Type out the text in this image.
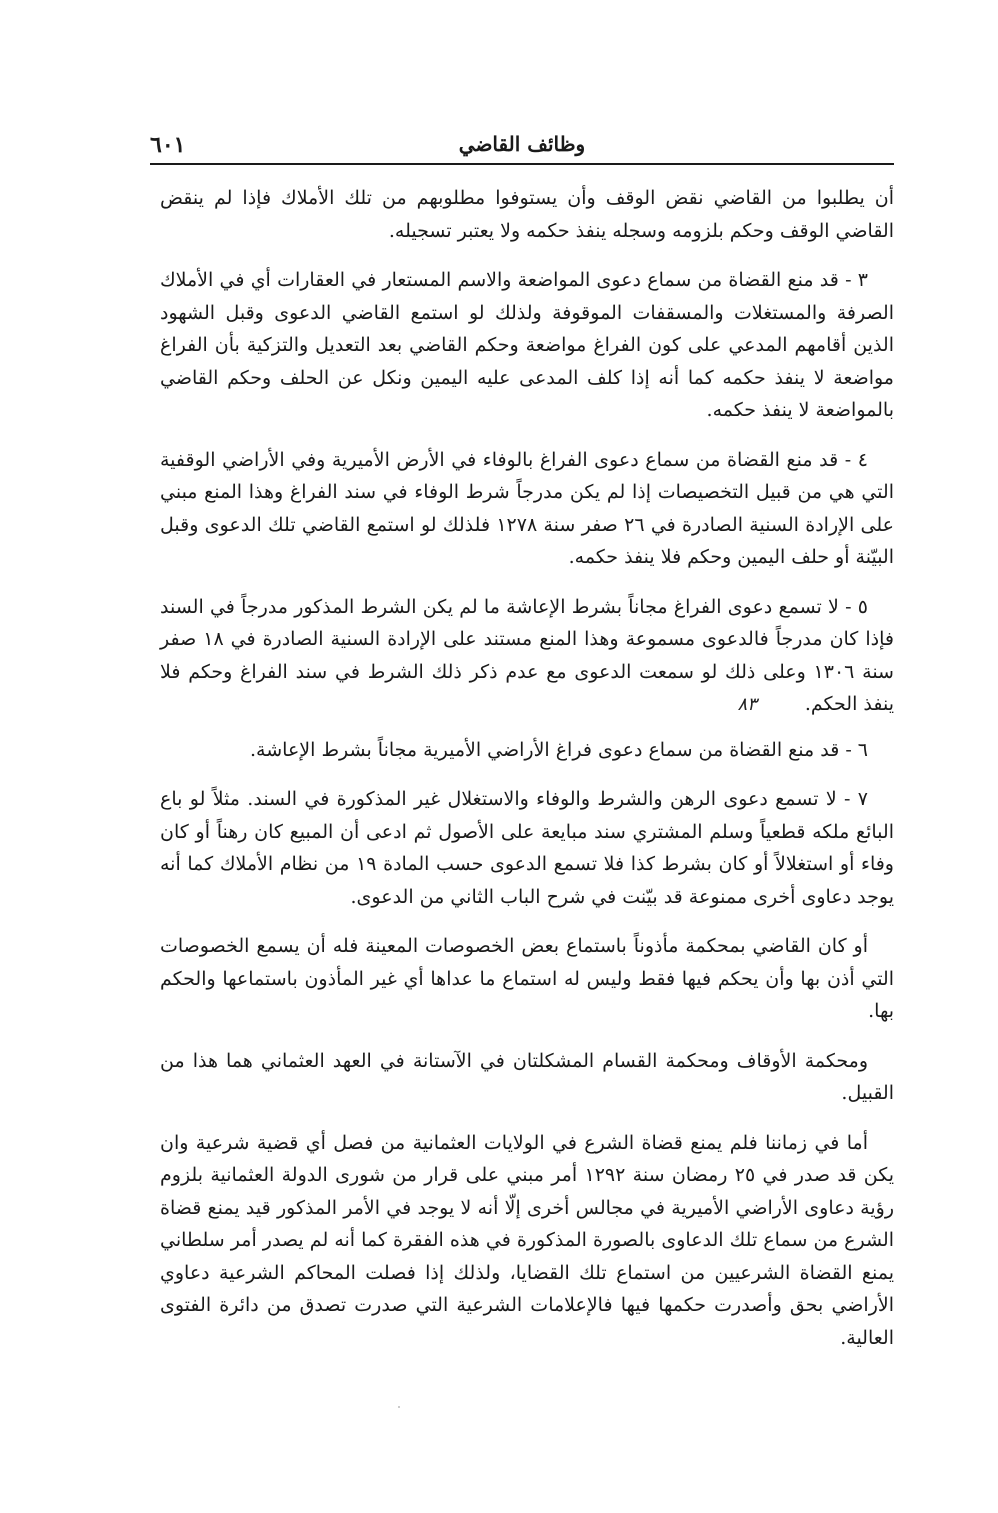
٦٠١	وظائف القاضي

أن يطلبوا من القاضي نقض الوقف وأن يستوفوا مطلوبهم من تلك الأملاك فإذا لم ينقض القاضي الوقف وحكم بلزومه وسجله ينفذ حكمه ولا يعتبر تسجيله.

٣ - قد منع القضاة من سماع دعوى المواضعة والاسم المستعار في العقارات أي في الأملاك الصرفة والمستغلات والمسقفات الموقوفة ولذلك لو استمع القاضي الدعوى وقبل الشهود الذين أقامهم المدعي على كون الفراغ مواضعة وحكم القاضي بعد التعديل والتزكية بأن الفراغ مواضعة لا ينفذ حكمه كما أنه إذا كلف المدعى عليه اليمين ونكل عن الحلف وحكم القاضي بالمواضعة لا ينفذ حكمه.

٤ - قد منع القضاة من سماع دعوى الفراغ بالوفاء في الأرض الأميرية وفي الأراضي الوقفية التي هي من قبيل التخصيصات إذا لم يكن مدرجاً شرط الوفاء في سند الفراغ وهذا المنع مبني على الإرادة السنية الصادرة في ٢٦ صفر سنة ١٢٧٨ فلذلك لو استمع القاضي تلك الدعوى وقبل البيّنة أو حلف اليمين وحكم فلا ينفذ حكمه.

٥ - لا تسمع دعوى الفراغ مجاناً بشرط الإعاشة ما لم يكن الشرط المذكور مدرجاً في السند فإذا كان مدرجاً فالدعوى مسموعة وهذا المنع مستند على الإرادة السنية الصادرة في ١٨ صفر سنة ١٣٠٦ وعلى ذلك لو سمعت الدعوى مع عدم ذكر ذلك الشرط في سند الفراغ وحكم فلا ينفذ الحكم.٨٣

٦ - قد منع القضاة من سماع دعوى فراغ الأراضي الأميرية مجاناً بشرط الإعاشة.

٧ - لا تسمع دعوى الرهن والشرط والوفاء والاستغلال غير المذكورة في السند. مثلاً لو باع البائع ملكه قطعياً وسلم المشتري سند مبايعة على الأصول ثم ادعى أن المبيع كان رهناً أو كان وفاء أو استغلالاً أو كان بشرط كذا فلا تسمع الدعوى حسب المادة ١٩ من نظام الأملاك كما أنه يوجد دعاوى أخرى ممنوعة قد بيّنت في شرح الباب الثاني من الدعوى.

أو كان القاضي بمحكمة مأذوناً باستماع بعض الخصوصات المعينة فله أن يسمع الخصوصات التي أذن بها وأن يحكم فيها فقط وليس له استماع ما عداها أي غير المأذون باستماعها والحكم بها.

ومحكمة الأوقاف ومحكمة القسام المشكلتان في الآستانة في العهد العثماني هما هذا من القبيل.

أما في زماننا فلم يمنع قضاة الشرع في الولايات العثمانية من فصل أي قضية شرعية وان يكن قد صدر في ٢٥ رمضان سنة ١٢٩٢ أمر مبني على قرار من شورى الدولة العثمانية بلزوم رؤية دعاوى الأراضي الأميرية في مجالس أخرى إلّا أنه لا يوجد في الأمر المذكور قيد يمنع قضاة الشرع من سماع تلك الدعاوى بالصورة المذكورة في هذه الفقرة كما أنه لم يصدر أمر سلطاني يمنع القضاة الشرعيين من استماع تلك القضايا، ولذلك إذا فصلت المحاكم الشرعية دعاوي الأراضي بحق وأصدرت حكمها فيها فالإعلامات الشرعية التي صدرت تصدق من دائرة الفتوى العالية.
